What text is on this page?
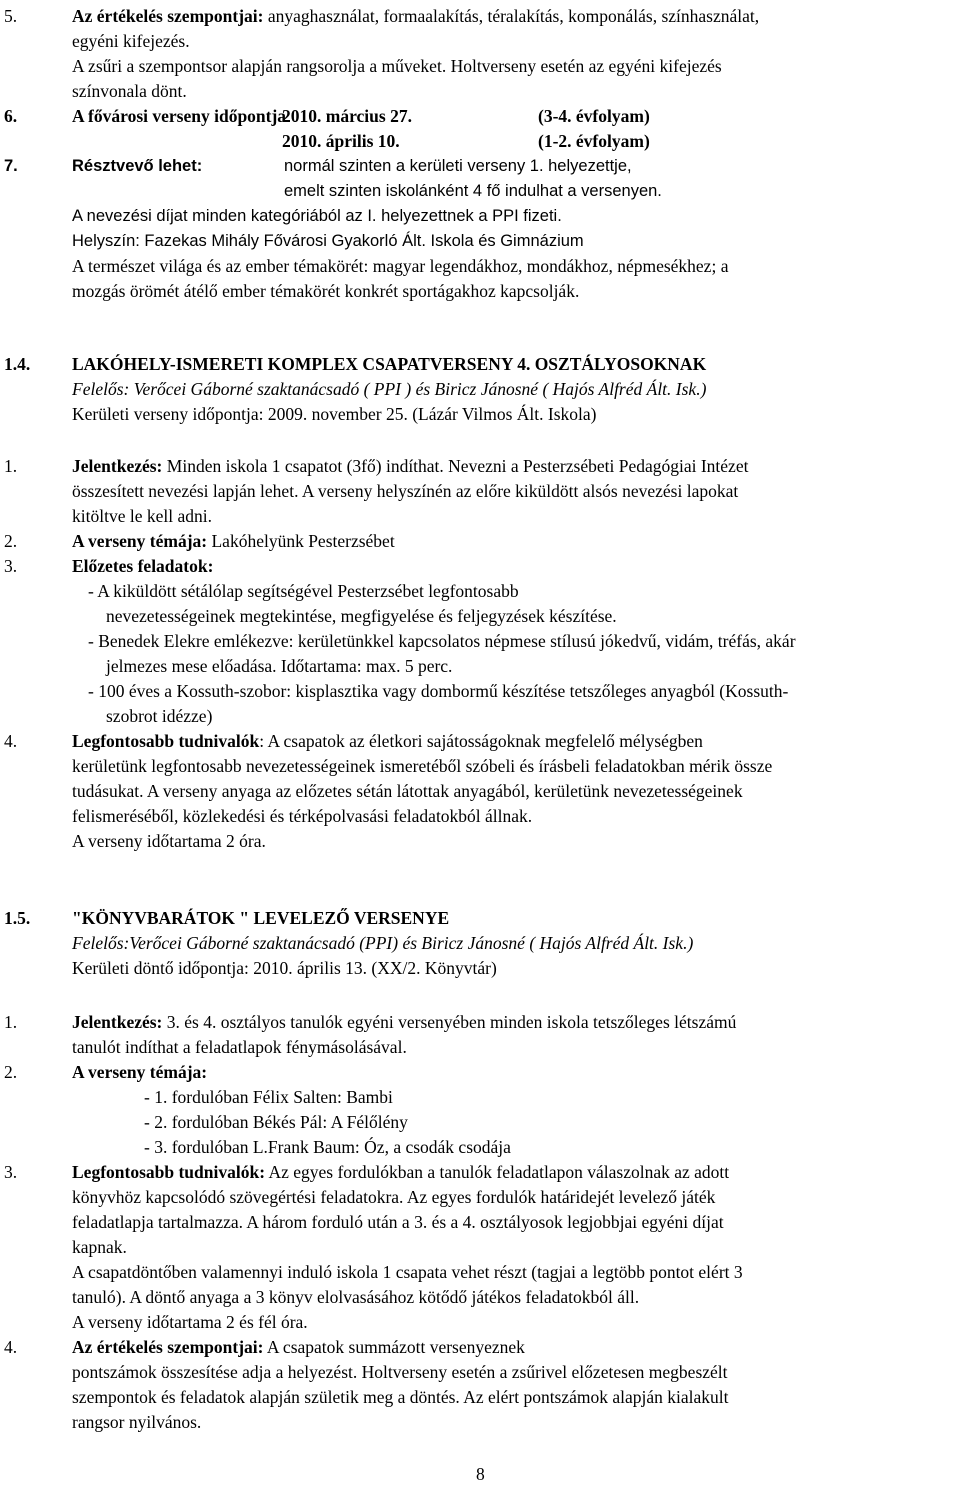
5.	Az értékelés szempontjai: anyaghasználat, formaalakítás, téralakítás, komponálás, színhasználat,
egyéni kifejezés.
A zsűri a szempontsor alapján rangsorolja a műveket. Holtverseny esetén az egyéni kifejezés
színvonala dönt.
6.	A fővárosi verseny időpontja
2010. március 27.	(3-4. évfolyam)
2010. április 10.	(1-2. évfolyam)
7.	Résztvevő lehet:	normál szinten a kerületi verseny 1. helyezettje,
emelt szinten iskolánként 4 fő indulhat a versenyen.
A nevezési díjat minden kategóriából az I. helyezettnek a PPI fizeti.
Helyszín: Fazekas Mihály Fővárosi Gyakorló Ált. Iskola és Gimnázium
A természet világa és az ember témakörét: magyar legendákhoz, mondákhoz, népmesékhez; a
mozgás örömét átélő ember témakörét konkrét sportágakhoz kapcsolják.
1.4. LAKÓHELY-ISMERETI KOMPLEX CSAPATVERSENY 4. OSZTÁLYOSOKNAK
Felelős: Verőcei Gáborné szaktanácsadó ( PPI ) és Biricz Jánosné ( Hajós Alfréd Ált. Isk.)
Kerületi verseny időpontja: 2009. november 25. (Lázár Vilmos Ált. Iskola)
1.	Jelentkezés: Minden iskola 1 csapatot (3fő) indíthat. Nevezni a Pesterzsébeti Pedagógiai Intézet
összesített nevezési lapján lehet. A verseny helyszínén az előre kiküldött alsós nevezési lapokat
kitöltve le kell adni.
2.	A verseny témája: Lakóhelyünk Pesterzsébet
3.	Előzetes feladatok:
- A kiküldött sétálólap segítségével Pesterzsébet legfontosabb
nevezetességeinek megtekintése, megfigyelése és feljegyzések készítése.
- Benedek Elekre emlékezve: kerületünkkel kapcsolatos népmese stílusú jókedvű, vidám, tréfás, akár
jelmezes mese előadása. Időtartama: max. 5 perc.
- 100 éves a Kossuth-szobor: kisplasztika vagy dombormű készítése tetszőleges anyagból (Kossuth-
szobrot idézze)
4.	Legfontosabb tudnivalók: A csapatok az életkori sajátosságoknak megfelelő mélységben
kerületünk legfontosabb nevezetességeinek ismeretéből szóbeli és írásbeli feladatokban mérik össze
tudásukat. A verseny anyaga az előzetes sétán látottak anyagából, kerületünk nevezetességeinek
felismeréséből, közlekedési és térképolvasási feladatokból állnak.
A verseny időtartama 2 óra.
1.5. "KÖNYVBARÁTOK " LEVELEZŐ VERSENYE
Felelős:Verőcei Gáborné szaktanácsadó (PPI) és Biricz Jánosné ( Hajós Alfréd Ált. Isk.)
Kerületi döntő időpontja: 2010. április 13. (XX/2. Könyvtár)
1.	Jelentkezés: 3. és 4. osztályos tanulók egyéni versenyében minden iskola tetszőleges létszámú
tanulót indíthat a feladatlapok fénymásolásával.
2.	A verseny témája:
- 1. fordulóban Félix Salten: Bambi
- 2. fordulóban Békés Pál: A Félőlény
- 3. fordulóban L.Frank Baum: Óz, a csodák csodája
3.	Legfontosabb tudnivalók: Az egyes fordulókban a tanulók feladatlapon válaszolnak az adott
könyvhöz kapcsolódó szövegértési feladatokra. Az egyes fordulók határidejét levelező játék
feladatlapja tartalmazza. A három forduló után a 3. és a 4. osztályosok legjobbjai egyéni díjat
kapnak.
A csapatdöntőben valamennyi induló iskola 1 csapata vehet részt (tagjai a legtöbb pontot elért 3
tanuló). A döntő anyaga a 3 könyv elolvasásához kötődő játékos feladatokból áll.
A verseny időtartama 2 és fél óra.
4.	Az értékelés szempontjai: A csapatok summázott versenyeznek
pontszámok összesítése adja a helyezést. Holtverseny esetén a zsűrivel előzetesen megbeszélt
szempontok és feladatok alapján születik meg a döntés. Az elért pontszámok alapján kialakult
rangsor nyilvános.
8
